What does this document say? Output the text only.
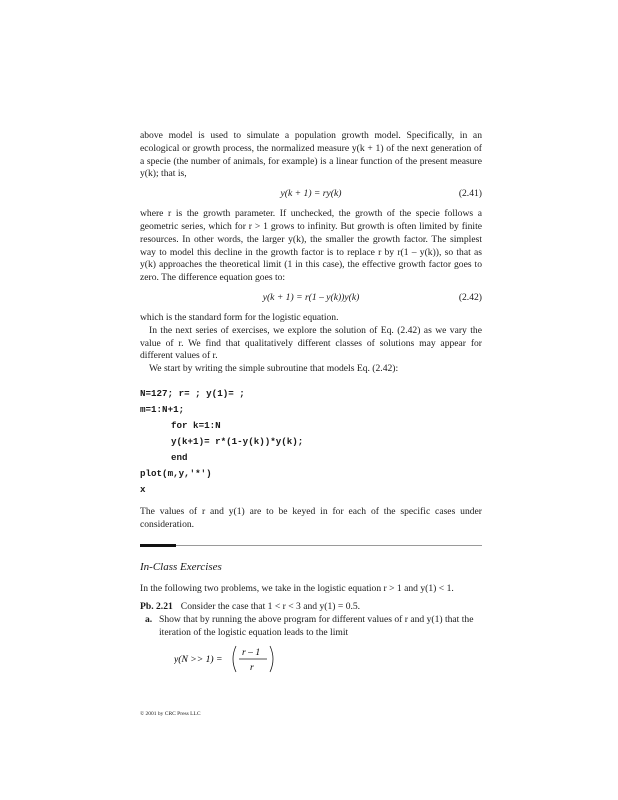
above model is used to simulate a population growth model. Specifically, in an ecological or growth process, the normalized measure y(k + 1) of the next generation of a specie (the number of animals, for example) is a linear function of the present measure y(k); that is,

y(k + 1) = ry(k)	(2.41)

where r is the growth parameter. If unchecked, the growth of the specie follows a geometric series, which for r > 1 grows to infinity. But growth is often limited by finite resources. In other words, the larger y(k), the smaller the growth factor. The simplest way to model this decline in the growth factor is to replace r by r(1 – y(k)), so that as y(k) approaches the theoretical limit (1 in this case), the effective growth factor goes to zero. The difference equation goes to:

y(k + 1) = r(1 – y(k))y(k)	(2.42)

which is the standard form for the logistic equation.

In the next series of exercises, we explore the solution of Eq. (2.42) as we vary the value of r. We find that qualitatively different classes of solutions may appear for different values of r.

We start by writing the simple subroutine that models Eq. (2.42):

N=127; r= ; y(1)= ;
m=1:N+1;
for k=1:N
y(k+1)= r*(1-y(k))*y(k);
end
plot(m,y,'*')
x

The values of r and y(1) are to be keyed in for each of the specific cases under consideration.

In-Class Exercises

In the following two problems, we take in the logistic equation r > 1 and y(1) < 1.

Pb. 2.21 Consider the case that 1 < r < 3 and y(1) = 0.5.
a. Show that by running the above program for different values of r and y(1) that the iteration of the logistic equation leads to the limit
y(N >> 1) =
r – 1
r
© 2001 by CRC Press LLC
